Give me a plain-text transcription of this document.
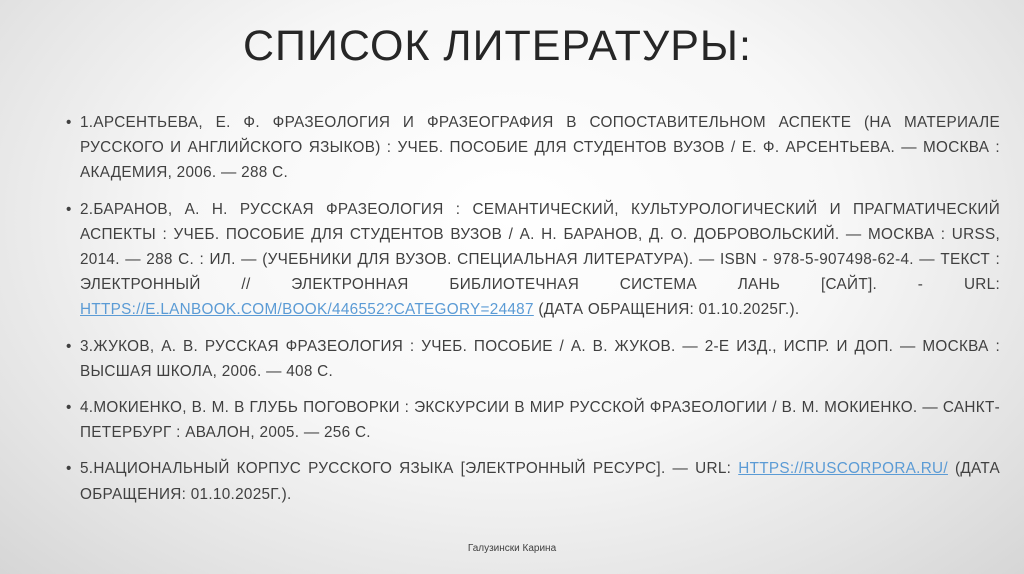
СПИСОК ЛИТЕРАТУРЫ:
• 1.АРСЕНТЬЕВА, Е. Ф. ФРАЗЕОЛОГИЯ И ФРАЗЕОГРАФИЯ В СОПОСТАВИТЕЛЬНОМ АСПЕКТЕ (НА МАТЕРИАЛЕ РУССКОГО И АНГЛИЙСКОГО ЯЗЫКОВ) : УЧЕБ. ПОСОБИЕ ДЛЯ СТУДЕНТОВ ВУЗОВ / Е. Ф. АРСЕНТЬЕВА. — МОСКВА : АКАДЕМИЯ, 2006. — 288 С.
• 2.БАРАНОВ, А. Н. РУССКАЯ ФРАЗЕОЛОГИЯ : СЕМАНТИЧЕСКИЙ, КУЛЬТУРОЛОГИЧЕСКИЙ И ПРАГМАТИЧЕСКИЙ АСПЕКТЫ : УЧЕБ. ПОСОБИЕ ДЛЯ СТУДЕНТОВ ВУЗОВ / А. Н. БАРАНОВ, Д. О. ДОБРОВОЛЬСКИЙ. — МОСКВА : URSS, 2014. — 288 С. : ИЛ. — (УЧЕБНИКИ ДЛЯ ВУЗОВ. СПЕЦИАЛЬНАЯ ЛИТЕРАТУРА). — ISBN - 978-5-907498-62-4. — ТЕКСТ : ЭЛЕКТРОННЫЙ // ЭЛЕКТРОННАЯ БИБЛИОТЕЧНАЯ СИСТЕМА ЛАНЬ [САЙТ]. - URL: HTTPS://E.LANBOOK.COM/BOOK/446552?CATEGORY=24487 (ДАТА ОБРАЩЕНИЯ: 01.10.2025Г.).
• 3.ЖУКОВ, А. В. РУССКАЯ ФРАЗЕОЛОГИЯ : УЧЕБ. ПОСОБИЕ / А. В. ЖУКОВ. — 2-Е ИЗД., ИСПР. И ДОП. — МОСКВА : ВЫСШАЯ ШКОЛА, 2006. — 408 С.
• 4.МОКИЕНКО, В. М. В ГЛУБЬ ПОГОВОРКИ : ЭКСКУРСИИ В МИР РУССКОЙ ФРАЗЕОЛОГИИ / В. М. МОКИЕНКО. — САНКТ-ПЕТЕРБУРГ : АВАЛОН, 2005. — 256 С.
• 5.НАЦИОНАЛЬНЫЙ КОРПУС РУССКОГО ЯЗЫКА [ЭЛЕКТРОННЫЙ РЕСУРС]. — URL: HTTPS://RUSCORPORA.RU/ (ДАТА ОБРАЩЕНИЯ: 01.10.2025Г.).
Галузински Карина
